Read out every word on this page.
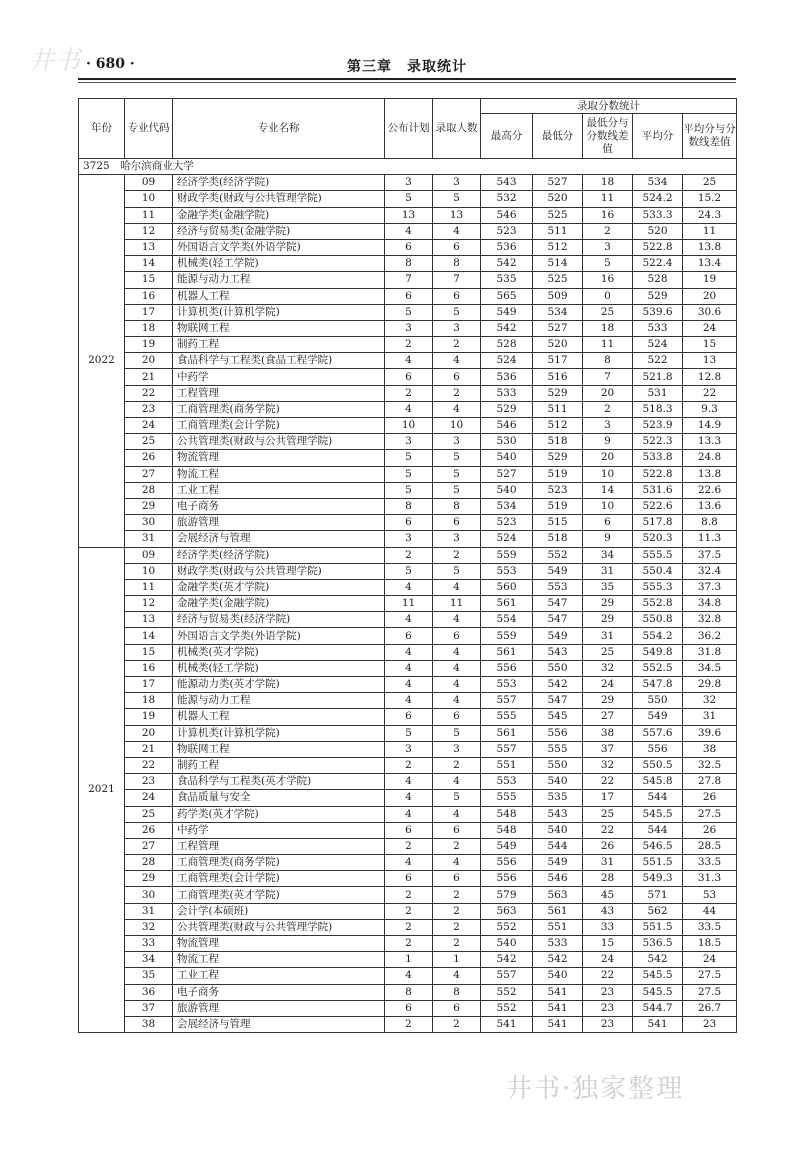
井书 · 680 ·	第三章　录取统计
年份	专业代码	专业名称	公布计划	录取人数	录取分数统计				
					最高分	最低分	最低分与分数线差值	平均分	平均分与分数线差值

3725　哈尔滨商业大学									
2022	09	经济学类(经济学院)	3	3	543	527	18	534	25
	10	财政学类(财政与公共管理学院)	5	5	532	520	11	524.2	15.2
	11	金融学类(金融学院)	13	13	546	525	16	533.3	24.3
	12	经济与贸易类(金融学院)	4	4	523	511	2	520	11
	13	外国语言文学类(外语学院)	6	6	536	512	3	522.8	13.8
	14	机械类(轻工学院)	8	8	542	514	5	522.4	13.4
	15	能源与动力工程	7	7	535	525	16	528	19
	16	机器人工程	6	6	565	509	0	529	20
	17	计算机类(计算机学院)	5	5	549	534	25	539.6	30.6
	18	物联网工程	3	3	542	527	18	533	24
	19	制药工程	2	2	528	520	11	524	15
	20	食品科学与工程类(食品工程学院)	4	4	524	517	8	522	13
	21	中药学	6	6	536	516	7	521.8	12.8
	22	工程管理	2	2	533	529	20	531	22
	23	工商管理类(商务学院)	4	4	529	511	2	518.3	9.3
	24	工商管理类(会计学院)	10	10	546	512	3	523.9	14.9
	25	公共管理类(财政与公共管理学院)	3	3	530	518	9	522.3	13.3
	26	物流管理	5	5	540	529	20	533.8	24.8
	27	物流工程	5	5	527	519	10	522.8	13.8
	28	工业工程	5	5	540	523	14	531.6	22.6
	29	电子商务	8	8	534	519	10	522.6	13.6
	30	旅游管理	6	6	523	515	6	517.8	8.8
	31	会展经济与管理	3	3	524	518	9	520.3	11.3
2021	09	经济学类(经济学院)	2	2	559	552	34	555.5	37.5
	10	财政学类(财政与公共管理学院)	5	5	553	549	31	550.4	32.4
	11	金融学类(英才学院)	4	4	560	553	35	555.3	37.3
	12	金融学类(金融学院)	11	11	561	547	29	552.8	34.8
	13	经济与贸易类(经济学院)	4	4	554	547	29	550.8	32.8
	14	外国语言文学类(外语学院)	6	6	559	549	31	554.2	36.2
	15	机械类(英才学院)	4	4	561	543	25	549.8	31.8
	16	机械类(轻工学院)	4	4	556	550	32	552.5	34.5
	17	能源动力类(英才学院)	4	4	553	542	24	547.8	29.8
	18	能源与动力工程	4	4	557	547	29	550	32
	19	机器人工程	6	6	555	545	27	549	31
	20	计算机类(计算机学院)	5	5	561	556	38	557.6	39.6
	21	物联网工程	3	3	557	555	37	556	38
	22	制药工程	2	2	551	550	32	550.5	32.5
	23	食品科学与工程类(英才学院)	4	4	553	540	22	545.8	27.8
	24	食品质量与安全	4	5	555	535	17	544	26
	25	药学类(英才学院)	4	4	548	543	25	545.5	27.5
	26	中药学	6	6	548	540	22	544	26
	27	工程管理	2	2	549	544	26	546.5	28.5
	28	工商管理类(商务学院)	4	4	556	549	31	551.5	33.5
	29	工商管理类(会计学院)	6	6	556	546	28	549.3	31.3
	30	工商管理类(英才学院)	2	2	579	563	45	571	53
	31	会计学(本硕班)	2	2	563	561	43	562	44
	32	公共管理类(财政与公共管理学院)	2	2	552	551	33	551.5	33.5
	33	物流管理	2	2	540	533	15	536.5	18.5
	34	物流工程	1	1	542	542	24	542	24
	35	工业工程	4	4	557	540	22	545.5	27.5
	36	电子商务	8	8	552	541	23	545.5	27.5
	37	旅游管理	6	6	552	541	23	544.7	26.7
	38	会展经济与管理	2	2	541	541	23	541	23
井书·独家整理
